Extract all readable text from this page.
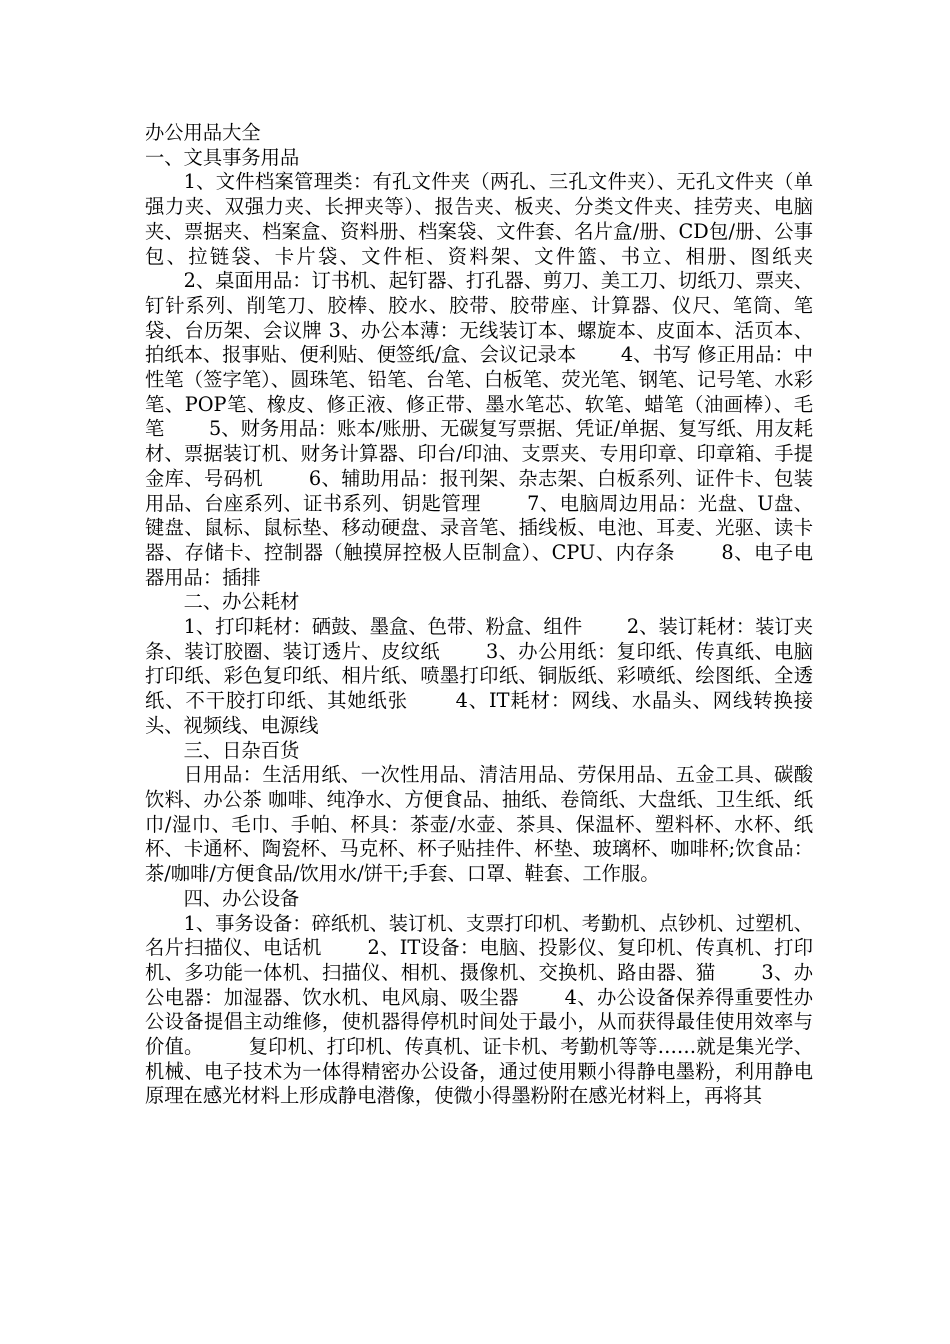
办公用品大全

一、文具事务用品

1、文件档案管理类：有孔文件夹（两孔、三孔文件夹）、无孔文件夹（单强力夹、双强力夹、长押夹等）、报告夹、板夹、分类文件夹、挂劳夹、电脑夹、票据夹、档案盒、资料册、档案袋、文件套、名片盒/册、CD包/册、公事包、拉链袋、卡片袋、文件柜、资料架、文件篮、书立、相册、图纸夹 　　2、桌面用品：订书机、起钉器、打孔器、剪刀、美工刀、切纸刀、票夹、钉针系列、削笔刀、胶棒、胶水、胶带、胶带座、计算器、仪尺、笔筒、笔袋、台历架、会议牌 3、办公本薄：无线装订本、螺旋本、皮面本、活页本、拍纸本、报事贴、便利贴、便签纸/盒、会议记录本 　　4、书写 修正用品：中性笔（签字笔）、圆珠笔、铅笔、台笔、白板笔、荧光笔、钢笔、记号笔、水彩笔、POP笔、橡皮、修正液、修正带、墨水笔芯、软笔、蜡笔（油画棒）、毛笔 　　5、财务用品：账本/账册、无碳复写票据、凭证/单据、复写纸、用友耗材、票据装订机、财务计算器、印台/印油、支票夹、专用印章、印章箱、手提金库、号码机 　　6、辅助用品：报刊架、杂志架、白板系列、证件卡、包装用品、台座系列、证书系列、钥匙管理 　　7、电脑周边用品：光盘、U盘、键盘、鼠标、鼠标垫、移动硬盘、录音笔、插线板、电池、耳麦、光驱、读卡器、存储卡、控制器（触摸屏控极人臣制盒）、CPU、内存条 　　8、电子电器用品：插排

二、办公耗材

1、打印耗材：硒鼓、墨盒、色带、粉盒、组件 　　2、装订耗材：装订夹条、装订胶圈、装订透片、皮纹纸 　　3、办公用纸：复印纸、传真纸、电脑打印纸、彩色复印纸、相片纸、喷墨打印纸、铜版纸、彩喷纸、绘图纸、全透纸、不干胶打印纸、其她纸张 　　4、IT耗材：网线、水晶头、网线转换接头、视频线、电源线

三、日杂百货

日用品：生活用纸、一次性用品、清洁用品、劳保用品、五金工具、碳酸饮料、办公茶 咖啡、纯净水、方便食品、抽纸、卷筒纸、大盘纸、卫生纸、纸巾/湿巾、毛巾、手帕、杯具：茶壶/水壶、茶具、保温杯、塑料杯、水杯、纸杯、卡通杯、陶瓷杯、马克杯、杯子贴挂件、杯垫、玻璃杯、咖啡杯;饮食品：茶/咖啡/方便食品/饮用水/饼干;手套、口罩、鞋套、工作服。

四、办公设备

1、事务设备：碎纸机、装订机、支票打印机、考勤机、点钞机、过塑机、名片扫描仪、电话机 　　2、IT设备：电脑、投影仪、复印机、传真机、打印机、多功能一体机、扫描仪、相机、摄像机、交换机、路由器、猫 　　3、办公电器：加湿器、饮水机、电风扇、吸尘器 　　4、办公设备保养得重要性办公设备提倡主动维修，使机器得停机时间处于最小，从而获得最佳使用效率与价值。 　　复印机、打印机、传真机、证卡机、考勤机等等……就是集光学、机械、电子技术为一体得精密办公设备，通过使用颗小得静电墨粉，利用静电原理在感光材料上形成静电潜像，使微小得墨粉附在感光材料上，再将其
